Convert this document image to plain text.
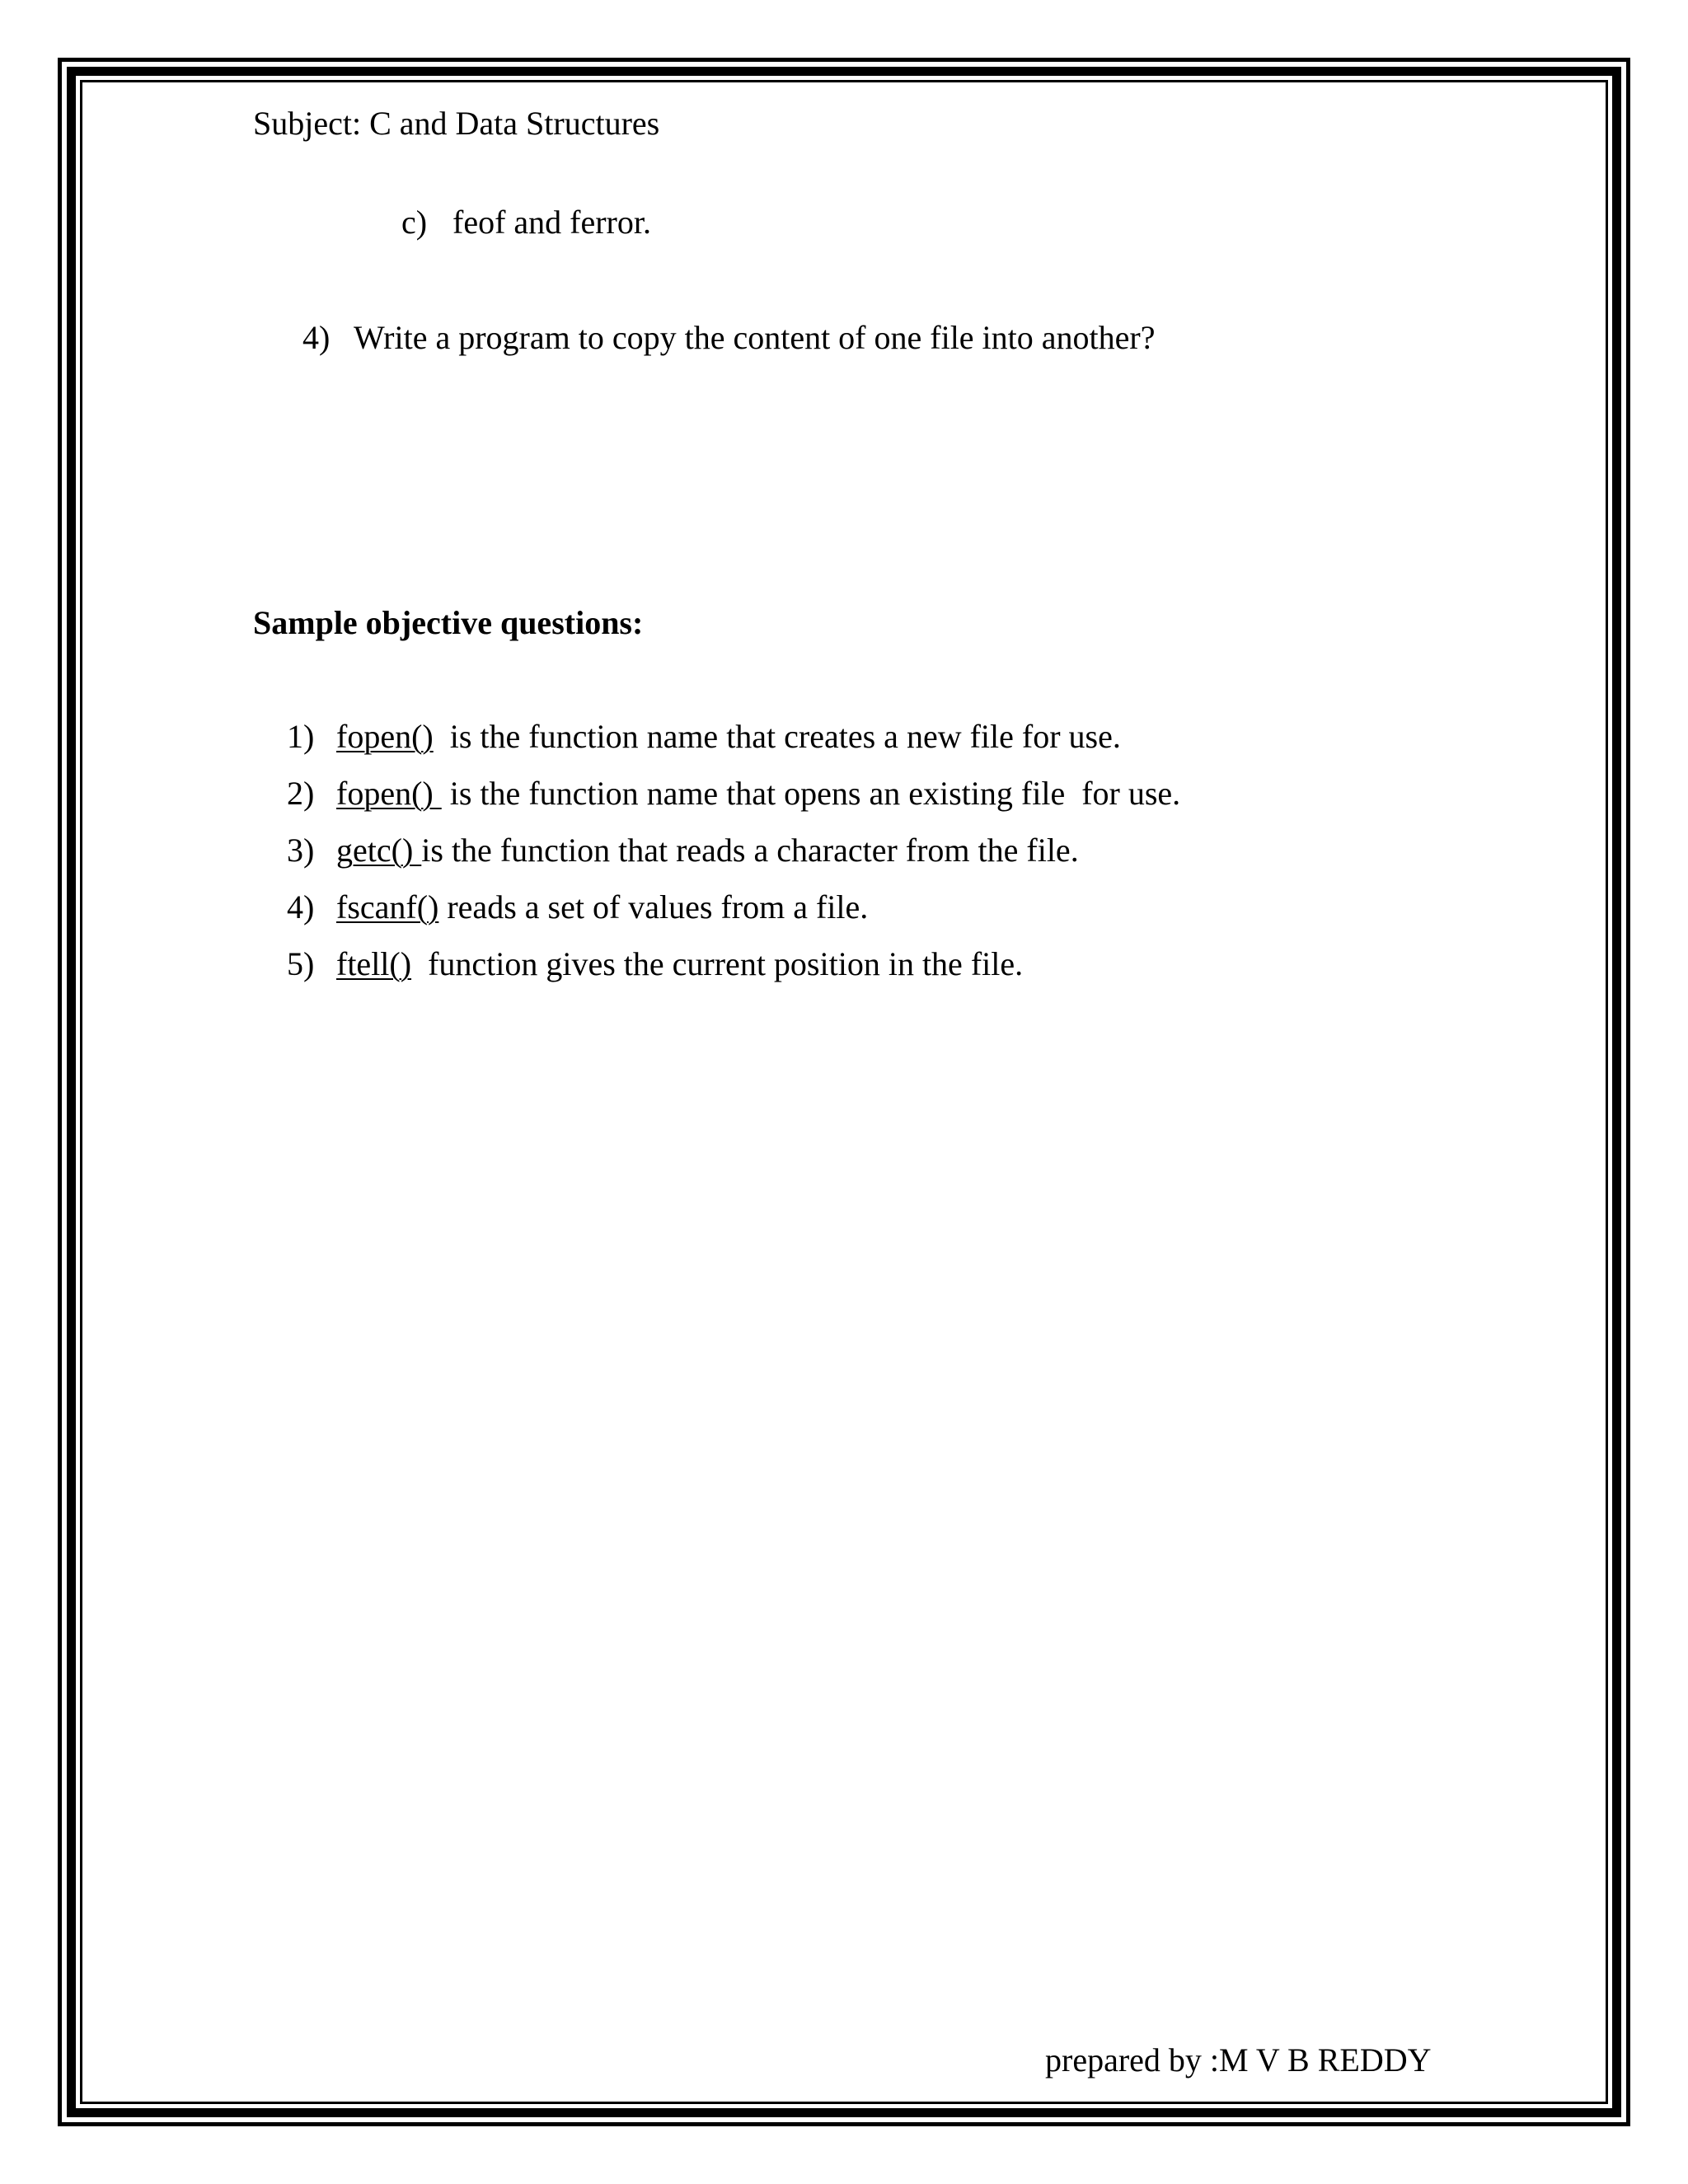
Subject: C and Data Structures
c) feof and ferror.
4) Write a program to copy the content of one file into another?
Sample objective questions:
1) fopen()  is the function name that creates a new file for use.
2) fopen()  is the function name that opens an existing file  for use.
3) getc() is the function that reads a character from the file.
4) fscanf() reads a set of values from a file.
5) ftell()  function gives the current position in the file.
prepared by :M V B REDDY
